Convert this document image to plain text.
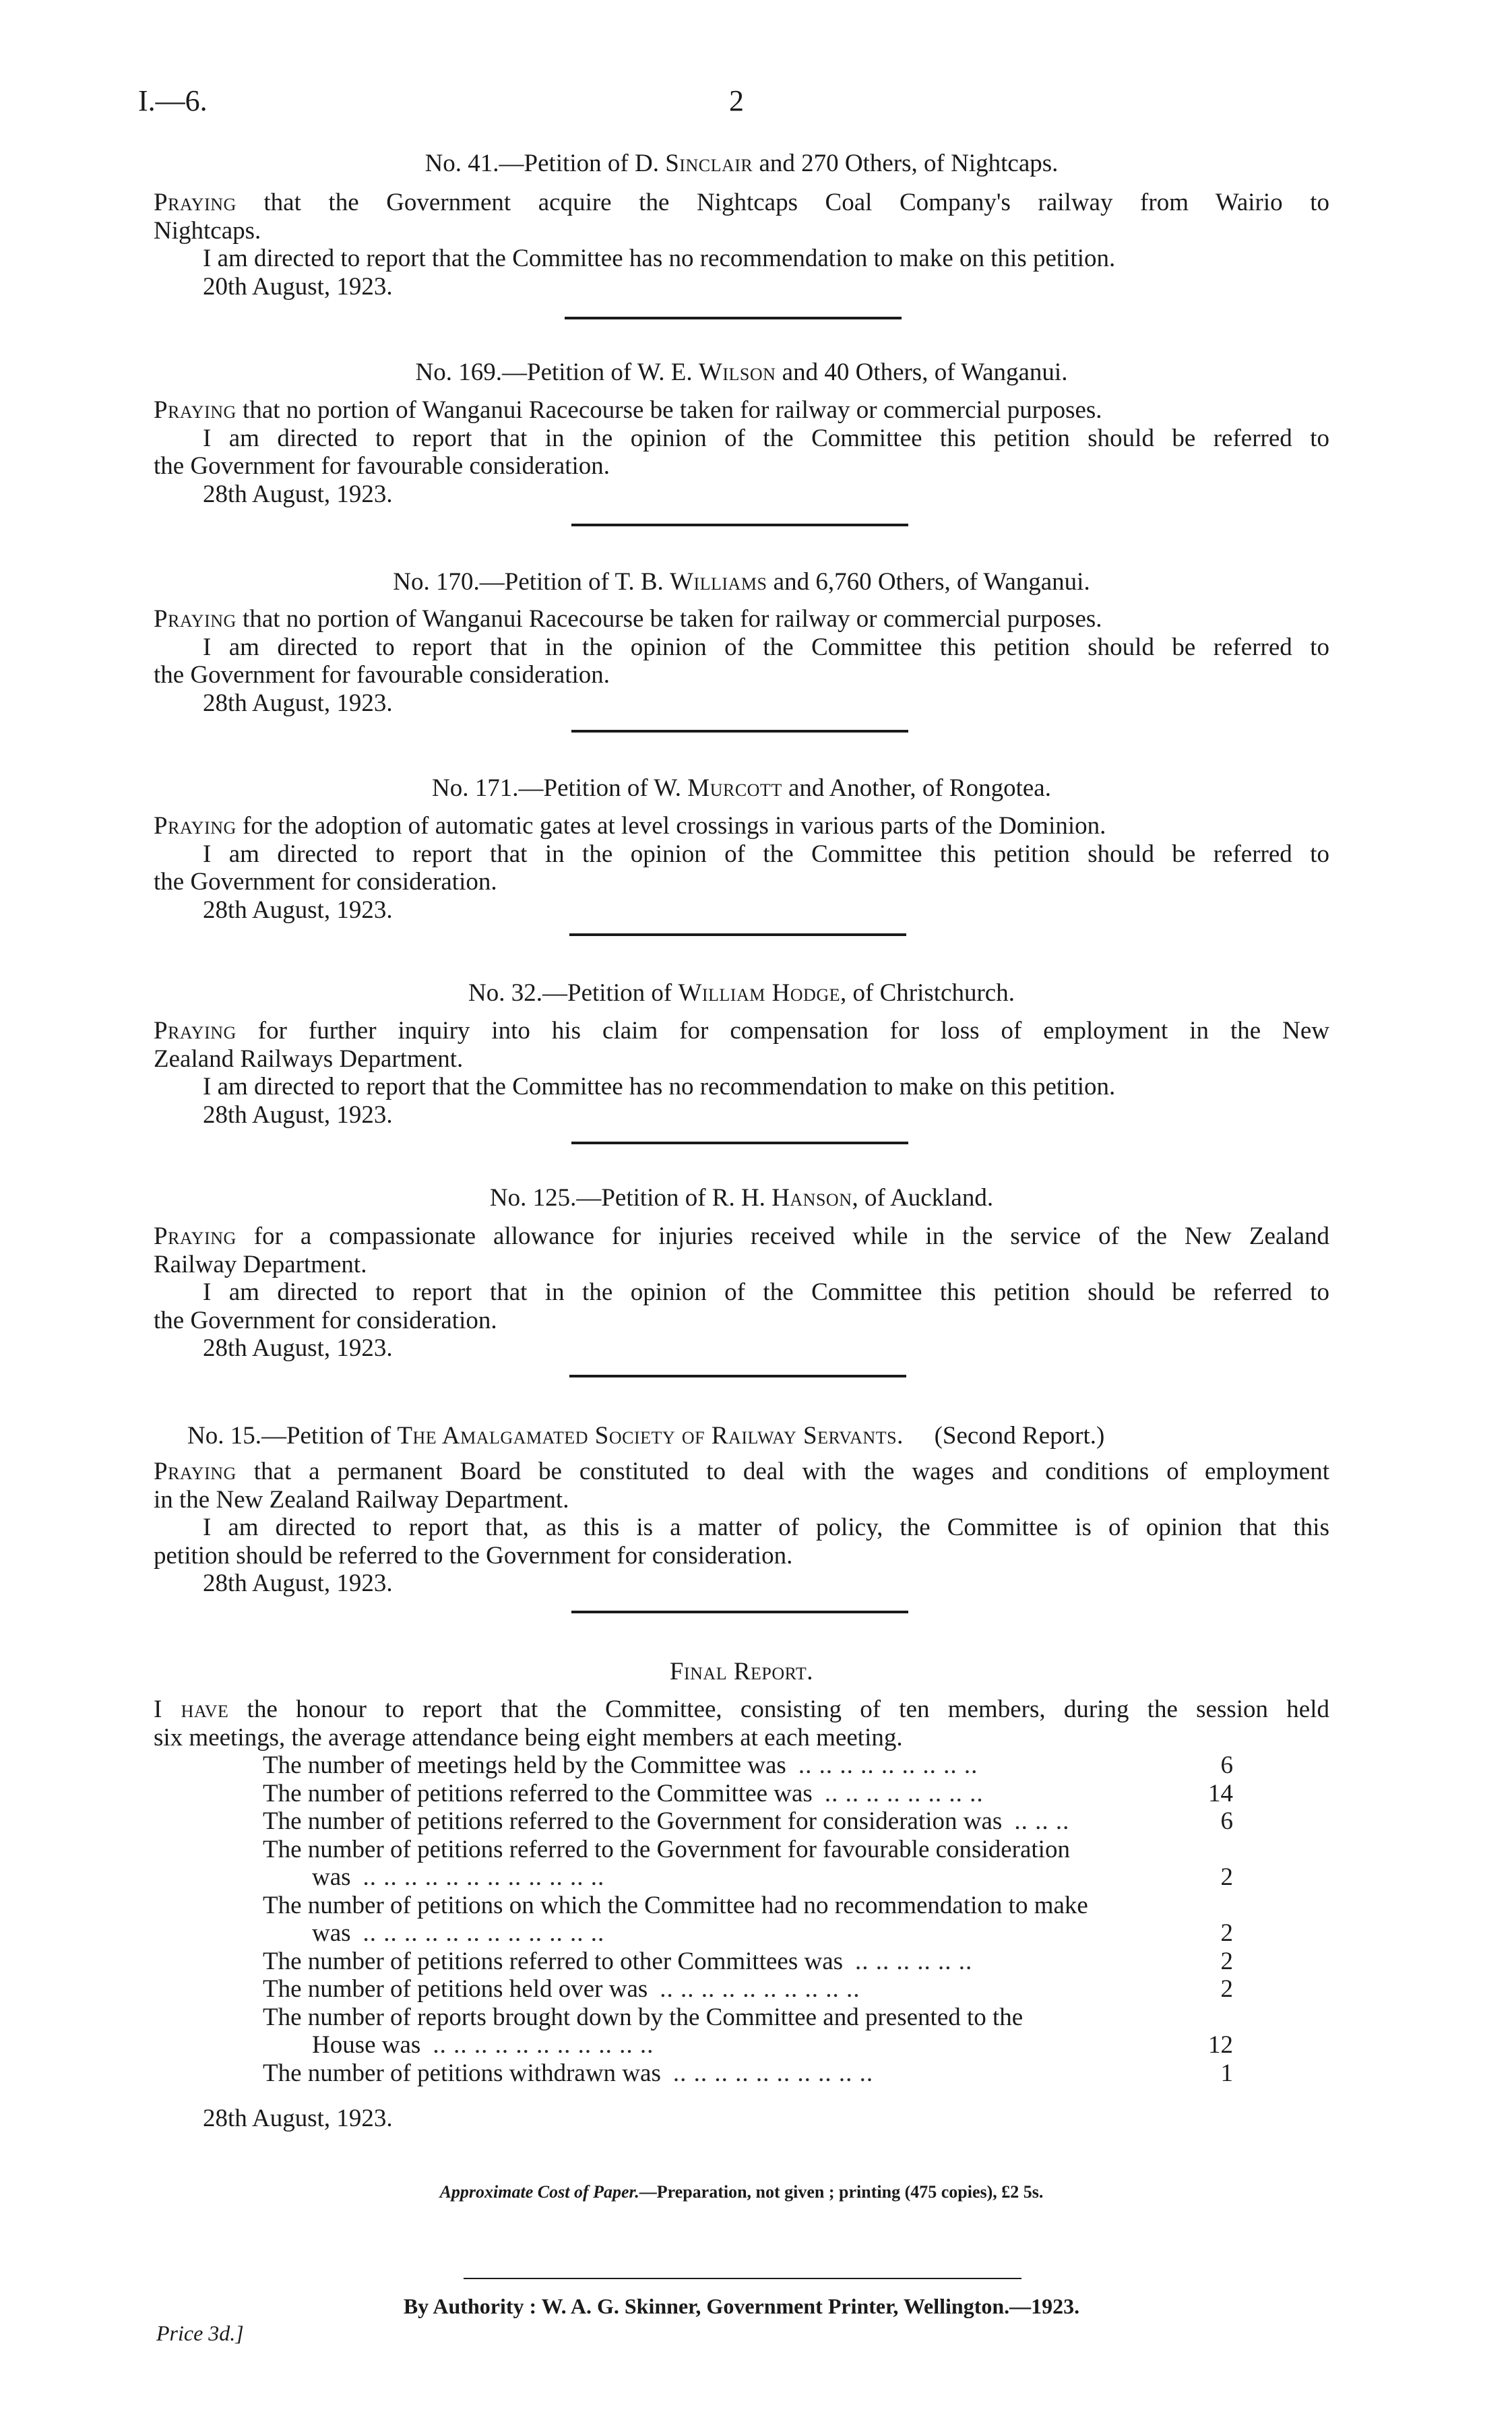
I.—6.	2
No. 41.—Petition of D. Sinclair and 270 Others, of Nightcaps.
Praying that the Government acquire the Nightcaps Coal Company's railway from Wairio to
Nightcaps.
I am directed to report that the Committee has no recommendation to make on this petition.
20th August, 1923.
No. 169.—Petition of W. E. Wilson and 40 Others, of Wanganui.
Praying that no portion of Wanganui Racecourse be taken for railway or commercial purposes.
I am directed to report that in the opinion of the Committee this petition should be referred to
the Government for favourable consideration.
28th August, 1923.
No. 170.—Petition of T. B. Williams and 6,760 Others, of Wanganui.
Praying that no portion of Wanganui Racecourse be taken for railway or commercial purposes.
I am directed to report that in the opinion of the Committee this petition should be referred to
the Government for favourable consideration.
28th August, 1923.
No. 171.—Petition of W. Murcott and Another, of Rongotea.
Praying for the adoption of automatic gates at level crossings in various parts of the Dominion.
I am directed to report that in the opinion of the Committee this petition should be referred to
the Government for consideration.
28th August, 1923.
No. 32.—Petition of William Hodge, of Christchurch.
Praying for further inquiry into his claim for compensation for loss of employment in the New
Zealand Railways Department.
I am directed to report that the Committee has no recommendation to make on this petition.
28th August, 1923.
No. 125.—Petition of R. H. Hanson, of Auckland.
Praying for a compassionate allowance for injuries received while in the service of the New Zealand
Railway Department.
I am directed to report that in the opinion of the Committee this petition should be referred to
the Government for consideration.
28th August, 1923.
No. 15.—Petition of The Amalgamated Society of Railway Servants.     (Second Report.)
Praying that a permanent Board be constituted to deal with the wages and conditions of employment
in the New Zealand Railway Department.
I am directed to report that, as this is a matter of policy, the Committee is of opinion that this
petition should be referred to the Government for consideration.
28th August, 1923.
Final Report.
I have the honour to report that the Committee, consisting of ten members, during the session held
six meetings, the average attendance being eight members at each meeting.
The number of meetings held by the Committee was .. .. .. .. .. .. .. .. ..	6
The number of petitions referred to the Committee was .. .. .. .. .. .. .. ..	14
The number of petitions referred to the Government for consideration was .. .. ..	6
The number of petitions referred to the Government for favourable consideration
was .. .. .. .. .. .. .. .. .. .. .. ..	2
The number of petitions on which the Committee had no recommendation to make
was .. .. .. .. .. .. .. .. .. .. .. ..	2
The number of petitions referred to other Committees was .. .. .. .. .. ..	2
The number of petitions held over was .. .. .. .. .. .. .. .. .. ..	2
The number of reports brought down by the Committee and presented to the
House was .. .. .. .. .. .. .. .. .. .. ..	12
The number of petitions withdrawn was .. .. .. .. .. .. .. .. .. ..	1
28th August, 1923.
Approximate Cost of Paper.—Preparation, not given ; printing (475 copies), £2 5s.
By Authority : W. A. G. Skinner, Government Printer, Wellington.—1923.
Price 3d.]
